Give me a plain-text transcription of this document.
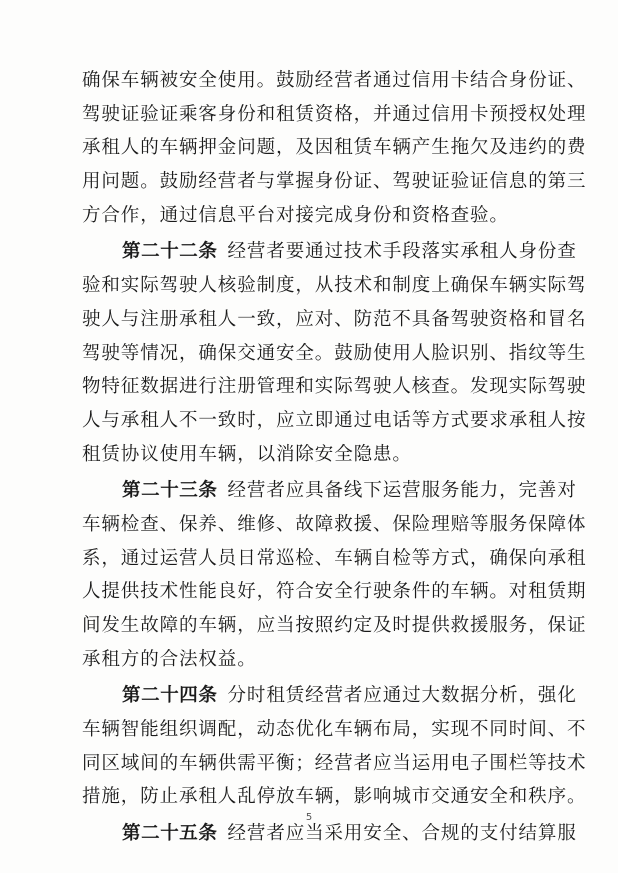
确保车辆被安全使用。鼓励经营者通过信用卡结合身份证、
驾驶证验证乘客身份和租赁资格，并通过信用卡预授权处理
承租人的车辆押金问题，及因租赁车辆产生拖欠及违约的费
用问题。鼓励经营者与掌握身份证、驾驶证验证信息的第三
方合作，通过信息平台对接完成身份和资格查验。
第二十二条 经营者要通过技术手段落实承租人身份查
验和实际驾驶人核验制度，从技术和制度上确保车辆实际驾
驶人与注册承租人一致，应对、防范不具备驾驶资格和冒名
驾驶等情况，确保交通安全。鼓励使用人脸识别、指纹等生
物特征数据进行注册管理和实际驾驶人核查。发现实际驾驶
人与承租人不一致时，应立即通过电话等方式要求承租人按
租赁协议使用车辆，以消除安全隐患。
第二十三条 经营者应具备线下运营服务能力，完善对
车辆检查、保养、维修、故障救援、保险理赔等服务保障体
系，通过运营人员日常巡检、车辆自检等方式，确保向承租
人提供技术性能良好，符合安全行驶条件的车辆。对租赁期
间发生故障的车辆，应当按照约定及时提供救援服务，保证
承租方的合法权益。
第二十四条 分时租赁经营者应通过大数据分析，强化
车辆智能组织调配，动态优化车辆布局，实现不同时间、不
同区域间的车辆供需平衡；经营者应当运用电子围栏等技术
措施，防止承租人乱停放车辆，影响城市交通安全和秩序。
第二十五条 经营者应当采用安全、合规的支付结算服
5
